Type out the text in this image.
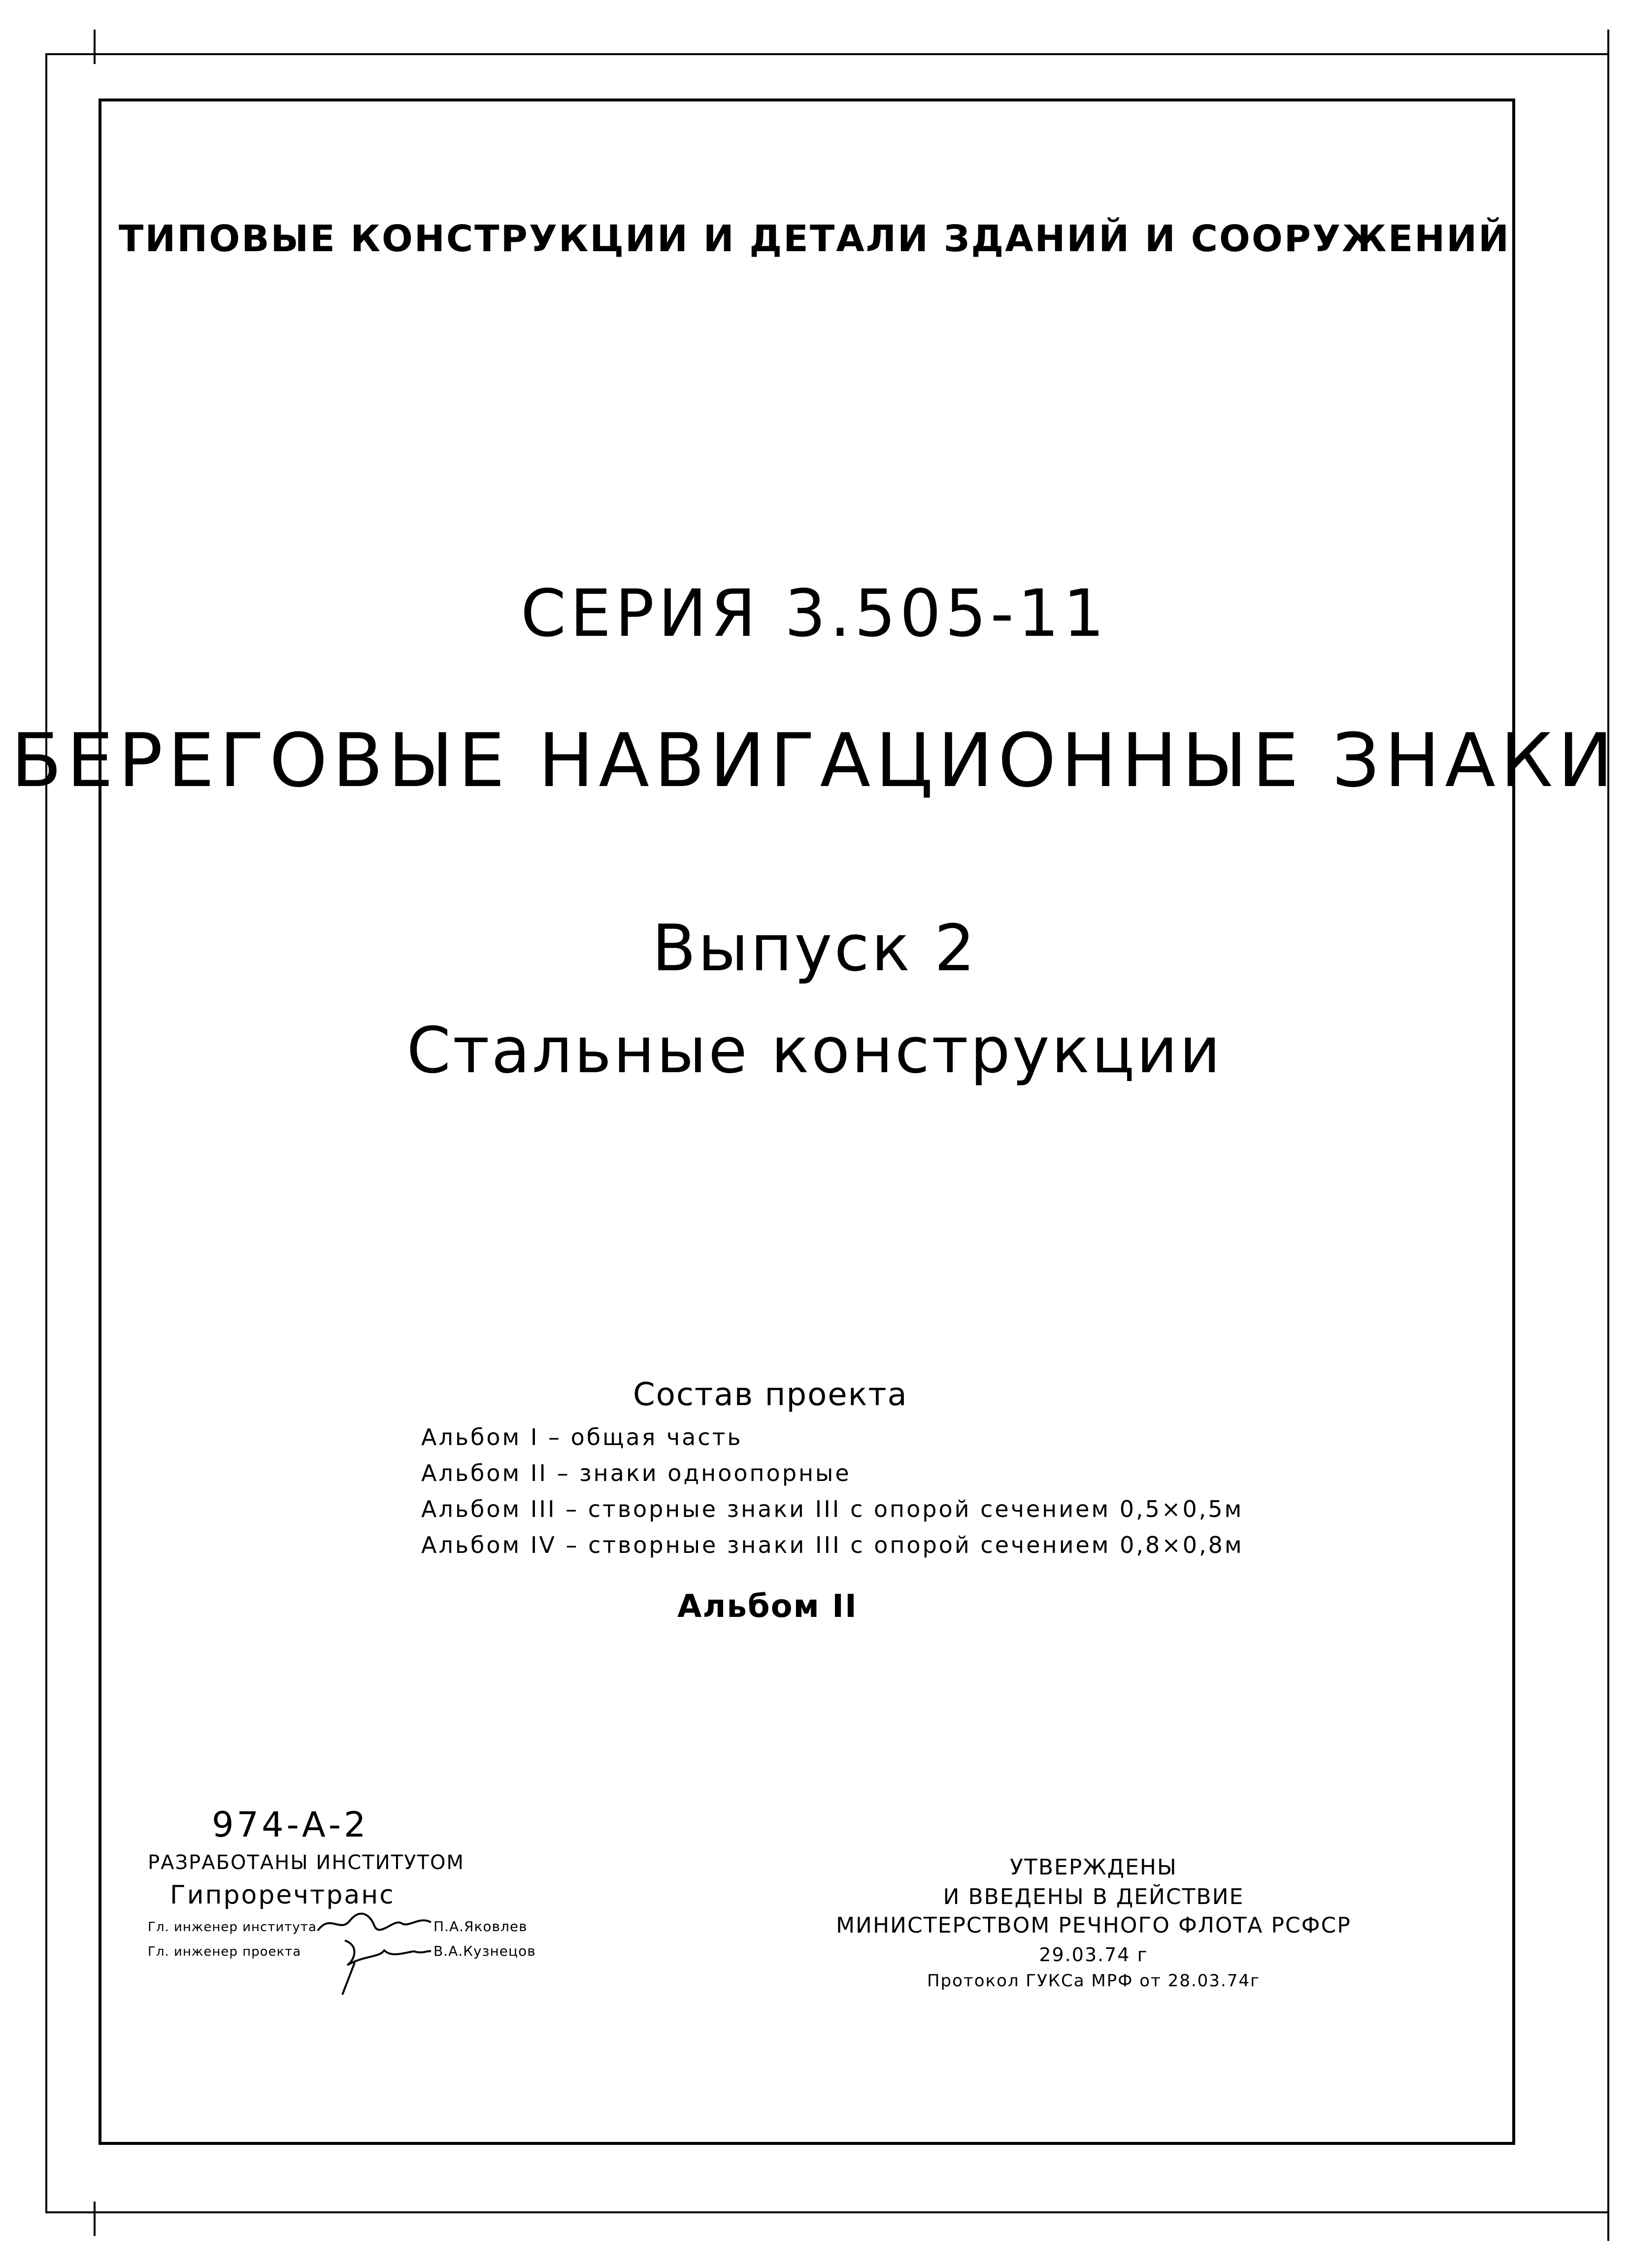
ТИПОВЫЕ КОНСТРУКЦИИ И ДЕТАЛИ ЗДАНИЙ И СООРУЖЕНИЙ
СЕРИЯ 3.505-11
БЕРЕГОВЫЕ НАВИГАЦИОННЫЕ ЗНАКИ
Выпуск 2
Стальные конструкции
Состав проекта
Альбом I – общая часть
Альбом II – знаки одноопорные
Альбом III – створные знаки III с опорой сечением 0,5×0,5м
Альбом IV – створные знаки III с опорой сечением 0,8×0,8м
Альбом II
974-А-2
РАЗРАБОТАНЫ ИНСТИТУТОМ
Гипроречтранс
Гл. инженер института	П.А.Яковлев
Гл. инженер проекта	В.А.Кузнецов
УТВЕРЖДЕНЫ
И ВВЕДЕНЫ В ДЕЙСТВИЕ
МИНИСТЕРСТВОМ РЕЧНОГО ФЛОТА РСФСР
29.03.74 г
Протокол ГУКСа МРФ от 28.03.74г
